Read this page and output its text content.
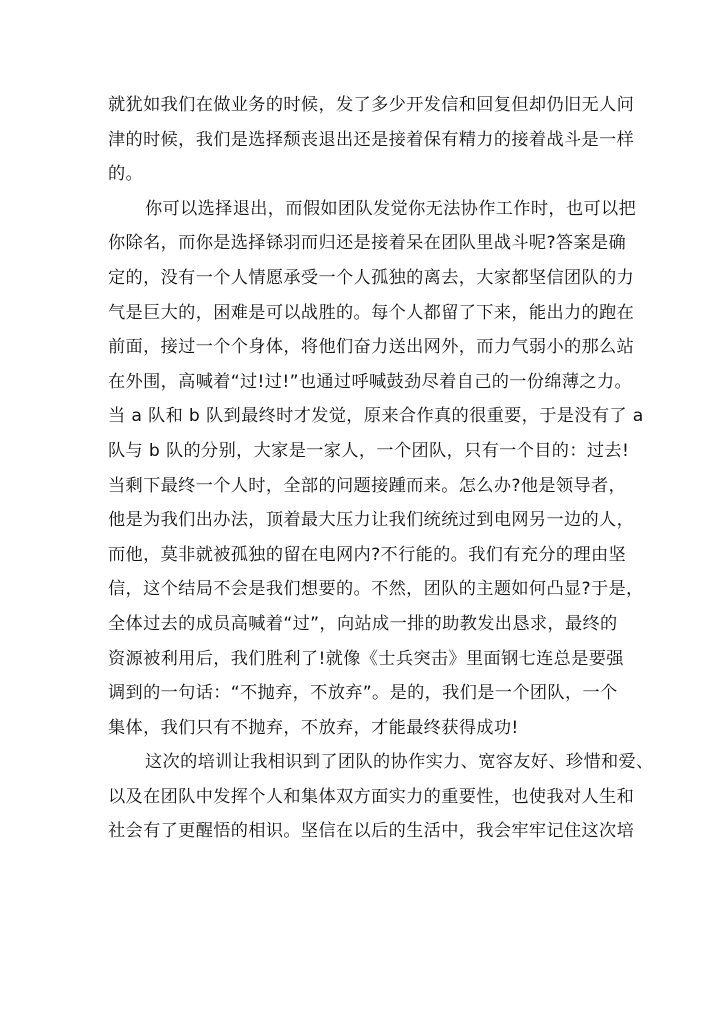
就犹如我们在做业务的时候，发了多少开发信和回复但却仍旧无人问
津的时候，我们是选择颓丧退出还是接着保有精力的接着战斗是一样
的。
你可以选择退出，而假如团队发觉你无法协作工作时，也可以把
你除名，而你是选择铩羽而归还是接着呆在团队里战斗呢?答案是确
定的，没有一个人情愿承受一个人孤独的离去，大家都坚信团队的力
气是巨大的，困难是可以战胜的。每个人都留了下来，能出力的跑在
前面，接过一个个身体，将他们奋力送出网外，而力气弱小的那么站
在外围，高喊着“过!过!”也通过呼喊鼓劲尽着自己的一份绵薄之力。
当 a 队和 b 队到最终时才发觉，原来合作真的很重要，于是没有了 a
队与 b 队的分别，大家是一家人，一个团队，只有一个目的：过去!
当剩下最终一个人时，全部的问题接踵而来。怎么办?他是领导者，
他是为我们出办法，顶着最大压力让我们统统过到电网另一边的人，
而他，莫非就被孤独的留在电网内?不行能的。我们有充分的理由坚
信，这个结局不会是我们想要的。不然，团队的主题如何凸显?于是，
全体过去的成员高喊着“过”，向站成一排的助教发出恳求，最终的
资源被利用后，我们胜利了!就像《士兵突击》里面钢七连总是要强
调到的一句话：“不抛弃，不放弃”。是的，我们是一个团队，一个
集体，我们只有不抛弃，不放弃，才能最终获得成功!
这次的培训让我相识到了团队的协作实力、宽容友好、珍惜和爱、
以及在团队中发挥个人和集体双方面实力的重要性，也使我对人生和
社会有了更醒悟的相识。坚信在以后的生活中，我会牢牢记住这次培
